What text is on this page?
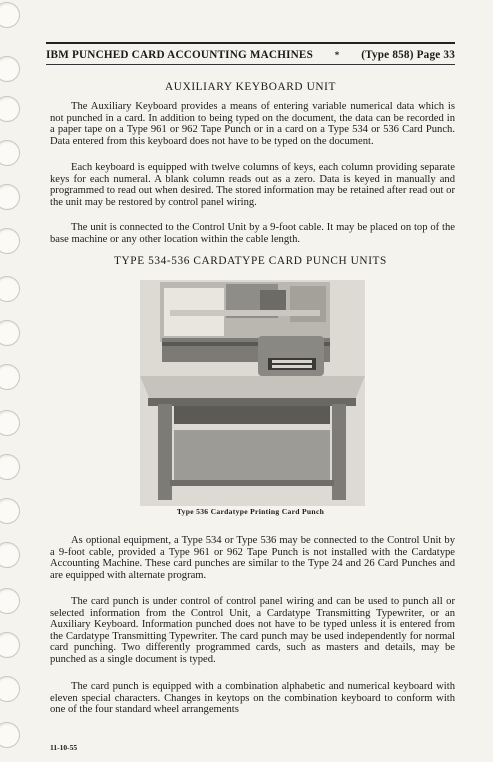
IBM PUNCHED CARD ACCOUNTING MACHINES * (Type 858) Page 33
AUXILIARY KEYBOARD UNIT

The Auxiliary Keyboard provides a means of entering variable numerical data which is not punched in a card. In addition to being typed on the document, the data can be recorded in a paper tape on a Type 961 or 962 Tape Punch or in a card on a Type 534 or 536 Card Punch. Data entered from this keyboard does not have to be typed on the document.

Each keyboard is equipped with twelve columns of keys, each column providing separate keys for each numeral. A blank column reads out as a zero. Data is keyed in manually and programmed to read out when desired. The stored information may be retained after read out or the unit may be restored by control panel wiring.

The unit is connected to the Control Unit by a 9-foot cable. It may be placed on top of the base machine or any other location within the cable length.

TYPE 534-536 CARDATYPE CARD PUNCH UNITS
Type 536 Cardatype Printing Card Punch

As optional equipment, a Type 534 or Type 536 may be connected to the Control Unit by a 9-foot cable, provided a Type 961 or 962 Tape Punch is not installed with the Cardatype Accounting Machine. These card punches are similar to the Type 24 and 26 Card Punches and are equipped with alternate program.

The card punch is under control of control panel wiring and can be used to punch all or selected information from the Control Unit, a Cardatype Transmitting Typewriter, or an Auxiliary Keyboard. Information punched does not have to be typed unless it is entered from the Cardatype Transmitting Typewriter. The card punch may be used independently for normal card punching. Two differently programmed cards, such as masters and details, may be punched as a single document is typed.

The card punch is equipped with a combination alphabetic and numerical keyboard with eleven special characters. Changes in keytops on the combination keyboard to conform with one of the four standard wheel arrangements

11-10-55
